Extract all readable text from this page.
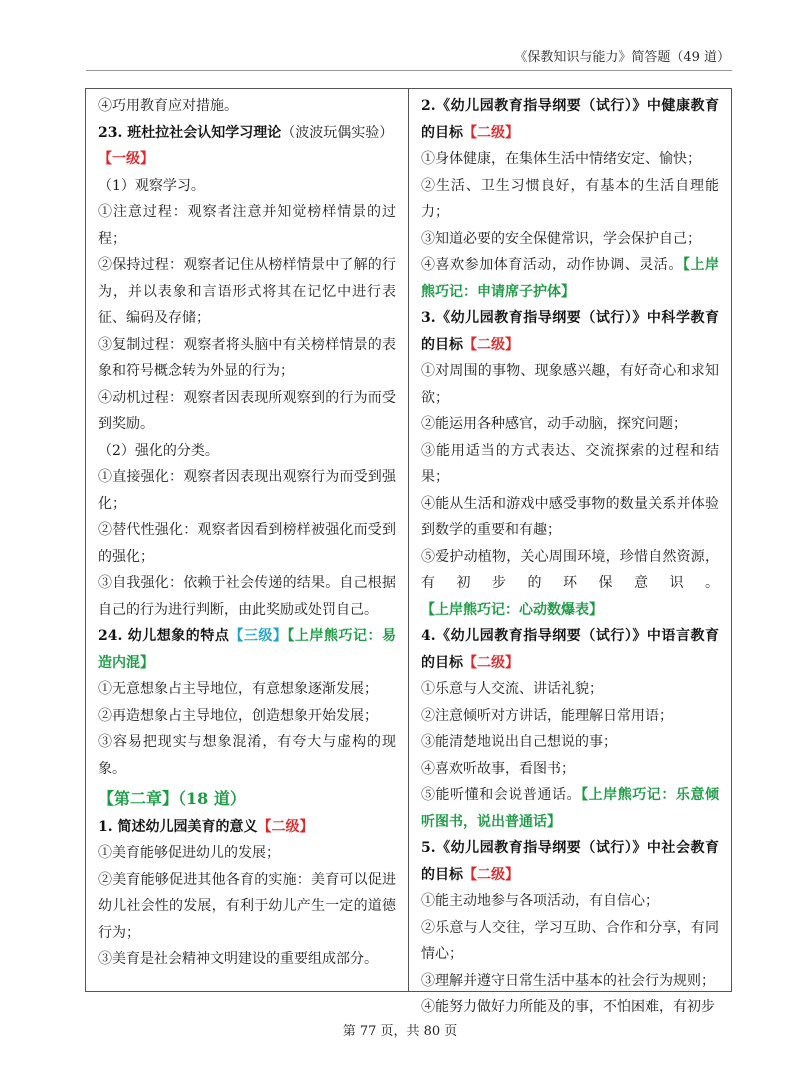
《保教知识与能力》简答题（49 道）

④巧用教育应对措施。

23. 班杜拉社会认知学习理论（波波玩偶实验）

【一级】

（1）观察学习。

①注意过程：观察者注意并知觉榜样情景的过程；

②保持过程：观察者记住从榜样情景中了解的行为，并以表象和言语形式将其在记忆中进行表征、编码及存储；

③复制过程：观察者将头脑中有关榜样情景的表象和符号概念转为外显的行为；

④动机过程：观察者因表现所观察到的行为而受到奖励。

（2）强化的分类。

①直接强化：观察者因表现出观察行为而受到强化；

②替代性强化：观察者因看到榜样被强化而受到的强化；

③自我强化：依赖于社会传递的结果。自己根据自己的行为进行判断，由此奖励或处罚自己。

24. 幼儿想象的特点【三级】【上岸熊巧记：易造内混】

①无意想象占主导地位，有意想象逐渐发展；

②再造想象占主导地位，创造想象开始发展；

③容易把现实与想象混淆，有夸大与虚构的现象。

【第二章】（18 道）

1. 简述幼儿园美育的意义【二级】

①美育能够促进幼儿的发展；

②美育能够促进其他各育的实施：美育可以促进幼儿社会性的发展，有利于幼儿产生一定的道德行为；

③美育是社会精神文明建设的重要组成部分。

2.《幼儿园教育指导纲要（试行）》中健康教育的目标【二级】

①身体健康，在集体生活中情绪安定、愉快；

②生活、卫生习惯良好，有基本的生活自理能力；

③知道必要的安全保健常识，学会保护自己；

④喜欢参加体育活动，动作协调、灵活。【上岸熊巧记：申请席子护体】

3.《幼儿园教育指导纲要（试行）》中科学教育的目标【二级】

①对周围的事物、现象感兴趣，有好奇心和求知欲；

②能运用各种感官，动手动脑，探究问题；

③能用适当的方式表达、交流探索的过程和结果；

④能从生活和游戏中感受事物的数量关系并体验到数学的重要和有趣；

⑤爱护动植物，关心周围环境，珍惜自然资源，有初步的环保意识。【上岸熊巧记：心动数爆表】

4.《幼儿园教育指导纲要（试行）》中语言教育的目标【二级】

①乐意与人交流、讲话礼貌；

②注意倾听对方讲话，能理解日常用语；

③能清楚地说出自己想说的事；

④喜欢听故事，看图书；

⑤能听懂和会说普通话。【上岸熊巧记：乐意倾听图书，说出普通话】

5.《幼儿园教育指导纲要（试行）》中社会教育的目标【二级】

①能主动地参与各项活动，有自信心；

②乐意与人交往，学习互助、合作和分享，有同情心；

③理解并遵守日常生活中基本的社会行为规则；

④能努力做好力所能及的事，不怕困难，有初步

第 77 页，共 80 页
